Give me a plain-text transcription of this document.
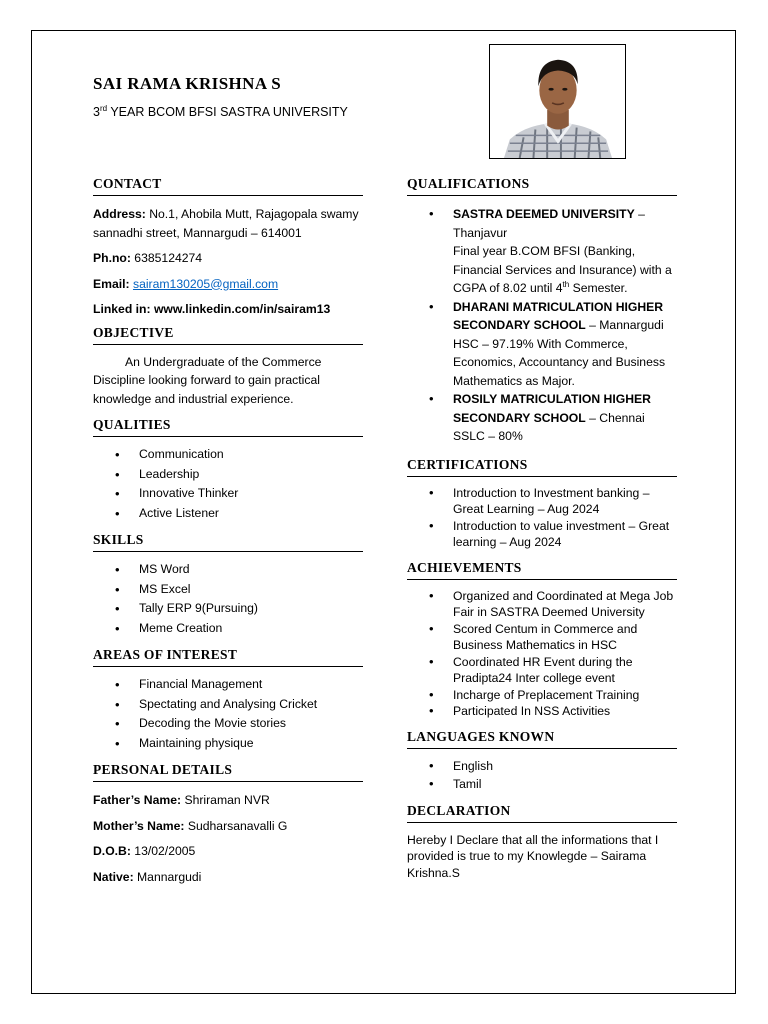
SAI RAMA KRISHNA S

3rd YEAR BCOM BFSI SASTRA UNIVERSITY

CONTACT

Address: No.1, Ahobila Mutt, Rajagopala swamy sannadhi street, Mannargudi – 614001

Ph.no: 6385124274

Email: sairam130205@gmail.com

Linked in: www.linkedin.com/in/sairam13

OBJECTIVE

An Undergraduate of the Commerce Discipline looking forward to gain practical knowledge and industrial experience.

QUALITIES
• Communication
• Leadership
• Innovative Thinker
• Active Listener
SKILLS
• MS Word
• MS Excel
• Tally ERP 9(Pursuing)
• Meme Creation
AREAS OF INTEREST
• Financial Management
• Spectating and Analysing Cricket
• Decoding the Movie stories
• Maintaining physique
PERSONAL DETAILS

Father’s Name: Shriraman NVR

Mother’s Name: Sudharsanavalli G

D.O.B: 13/02/2005

Native: Mannargudi

QUALIFICATIONS
• SASTRA DEEMED UNIVERSITY – Thanjavur
Final year B.COM BFSI (Banking, Financial Services and Insurance) with a CGPA of 8.02 until 4th Semester.
• DHARANI MATRICULATION HIGHER SECONDARY SCHOOL – Mannargudi
HSC – 97.19% With Commerce, Economics, Accountancy and Business Mathematics as Major.
• ROSILY MATRICULATION HIGHER SECONDARY SCHOOL – Chennai
SSLC – 80%
CERTIFICATIONS
• Introduction to Investment banking – Great Learning – Aug 2024
• Introduction to value investment – Great learning – Aug 2024
ACHIEVEMENTS
• Organized and Coordinated at Mega Job Fair in SASTRA Deemed University
• Scored Centum in Commerce and Business Mathematics in HSC
• Coordinated HR Event during the Pradipta24 Inter college event
• Incharge of Preplacement Training
• Participated In NSS Activities
LANGUAGES KNOWN
• English
• Tamil
DECLARATION

Hereby I Declare that all the informations that I provided is true to my Knowlegde – Sairama Krishna.S
